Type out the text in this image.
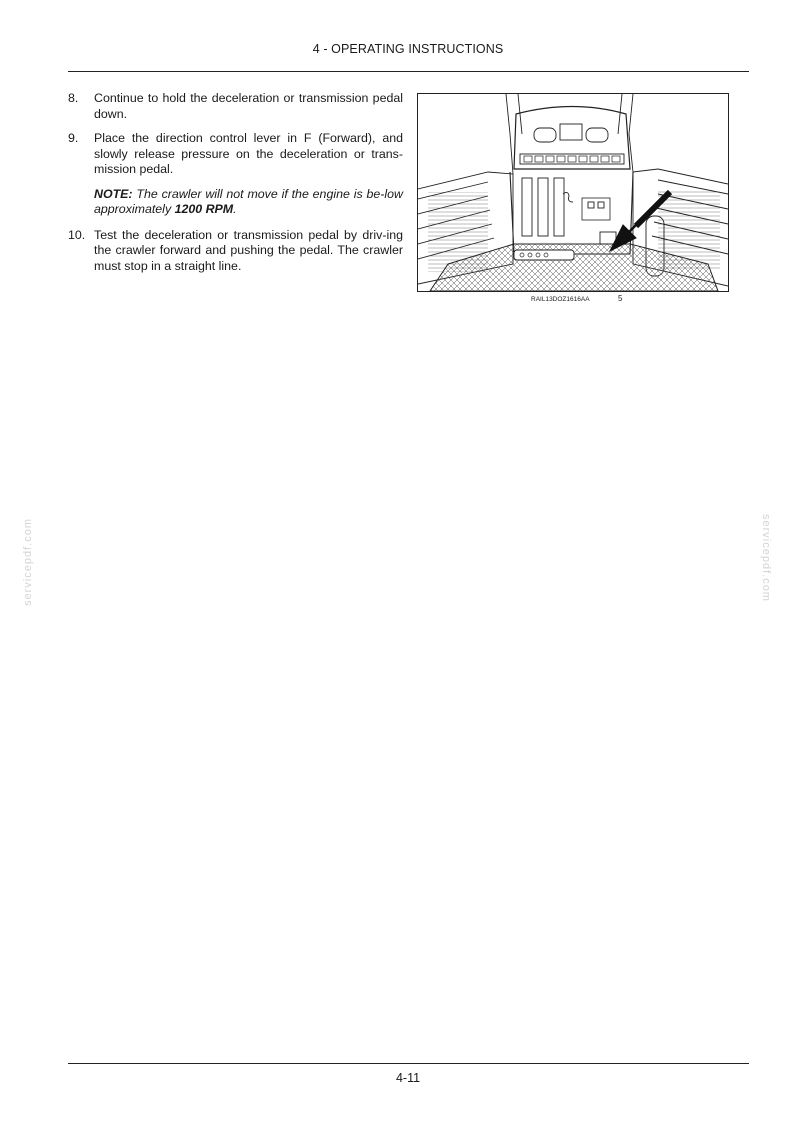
4 - OPERATING INSTRUCTIONS
8. Continue to hold the deceleration or transmission pedal down.
9. Place the direction control lever in F (Forward), and slowly release pressure on the deceleration or trans-mission pedal.
NOTE: The crawler will not move if the engine is be-low approximately 1200 RPM.
10. Test the deceleration or transmission pedal by driv-ing the crawler forward and pushing the pedal. The crawler must stop in a straight line.
RAIL13DOZ1616AA	5
servicepdf.com	servicepdf.com
4-11
